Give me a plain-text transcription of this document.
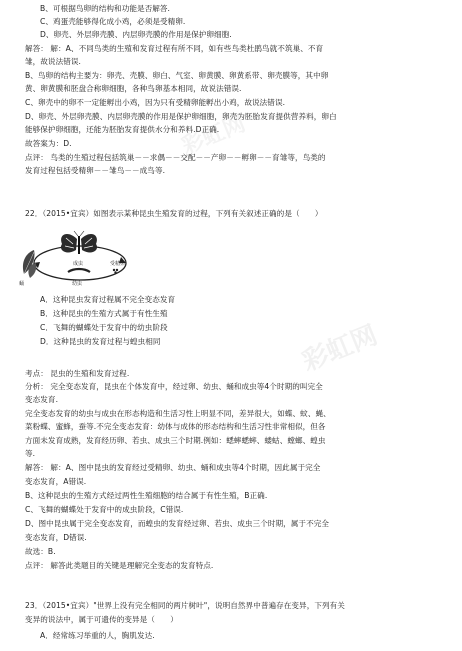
彩虹网
彩虹网
B、可根据鸟卵的结构和功能是否解答.
C、鸡蛋壳能够得化成小鸡，必须是受精卵.
D、卵壳、外层卵壳膜、内层卵壳膜的作用是保护卵细胞.
解答： 解：A、不同鸟类的生殖和发育过程有所不同，如有些鸟类杜鹃鸟就不筑巢、不育
雏，故说法错误.
B、鸟卵的结构主要为：卵壳、壳膜、卵白、气室、卵黄膜、卵黄系带、卵壳膜等，其中卵
黄、卵黄膜和胚盘合称卵细胞，各种鸟卵基本相同，故说法错误.
C、卵壳中的卵不一定能孵出小鸡，因为只有受精卵能孵出小鸡，故说法错误.
D、卵壳、外层卵壳膜、内层卵壳膜的作用是保护卵细胞，卵壳为胚胎发育提供营养料，卵白
能够保护卵细胞，还能为胚胎发育提供水分和养料.D正确.
故答案为：D.
点评： 鸟类的生殖过程包括筑巢－－求偶－－交配－－产卵－－孵卵－－育雏等，鸟类的
发育过程包括受精卵－－雏鸟－－成鸟等.
22．（2015•宜宾）如图表示某种昆虫生殖发育的过程，下列有关叙述正确的是（　　）
成虫	受精卵
蛹	幼虫
A．这种昆虫发育过程属不完全变态发育
B．这种昆虫的生殖方式属于有性生殖
C．飞舞的蝴蝶处于发育中的幼虫阶段
D．这种昆虫的发育过程与蝗虫相同
考点： 昆虫的生殖和发育过程.
分析： 完全变态发育，昆虫在个体发育中，经过卵、幼虫、蛹和成虫等4个时期的叫完全
变态发育.
完全变态发育的幼虫与成虫在形态构造和生活习性上明显不同，差异很大，如蝶、蚊、蝇、
菜粉蝶、蜜蜂，蚕等.不完全变态发育：幼体与成体的形态结构和生活习性非常相似，但各
方面未发育成熟，发育经历卵、若虫、成虫三个时期.例如：蟋蟀蟋蟀、蝼蛄、螳螂、蝗虫
等.
解答： 解：A、图中昆虫的发育经过受精卵、幼虫、蛹和成虫等4个时期，因此属于完全
变态发育，A错误.
B、这种昆虫的生殖方式经过两性生殖细胞的结合属于有性生殖，B正确.
C、飞舞的蝴蝶处于发育中的成虫阶段，C错误.
D、图中昆虫属于完全变态发育，而蝗虫的发育经过卵、若虫、成虫三个时期，属于不完全
变态发育，D错误.
故选：B.
点评： 解答此类题目的关键是理解完全变态的发育特点.
23．（2015•宜宾）"世界上没有完全相同的两片树叶"，说明自然界中普遍存在变异，下列有关
变异的说法中，属于可遗传的变异是（　　）
A．经常练习举重的人，胸肌发达.
